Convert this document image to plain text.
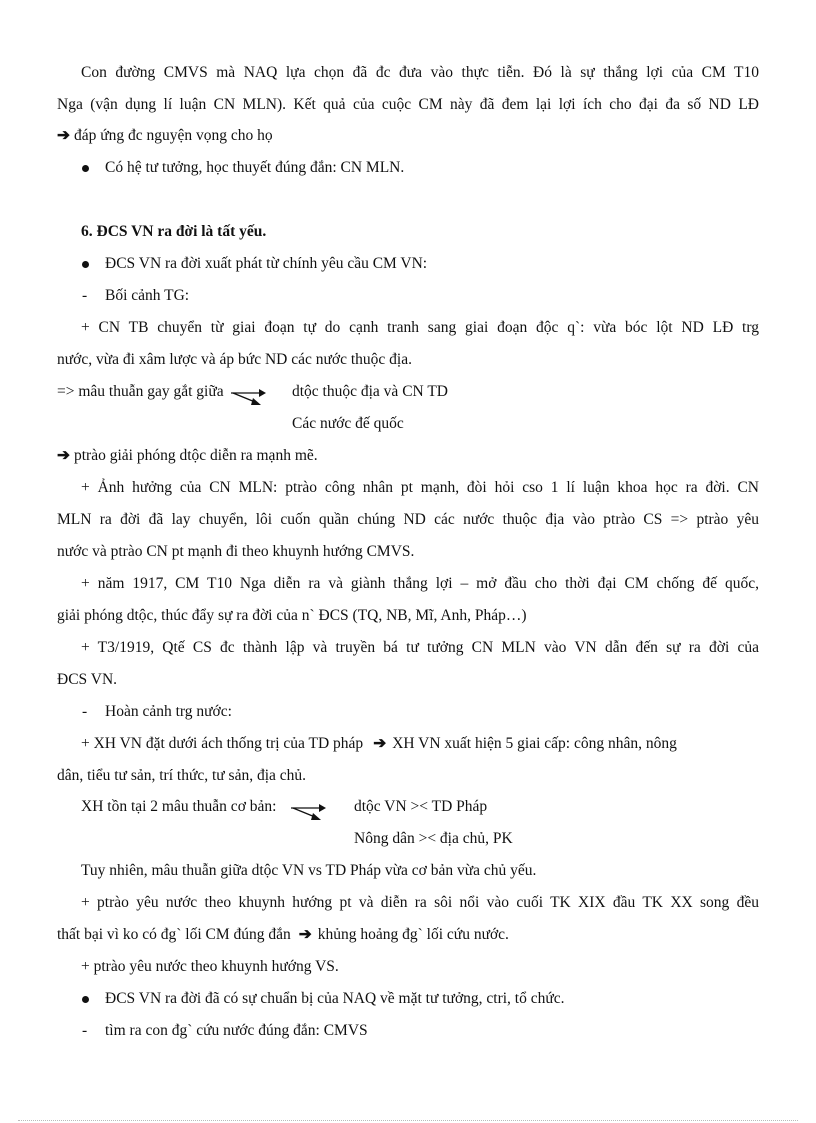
Con đường CMVS mà NAQ lựa chọn đã đc đưa vào thực tiễn. Đó là sự thắng lợi của CM T10
Nga (vận dụng lí luận CN MLN). Kết quả của cuộc CM này đã đem lại lợi ích cho đại đa số ND LĐ
➔ đáp ứng đc nguyện vọng cho họ
Có hệ tư tưởng, học thuyết đúng đắn: CN MLN.
6. ĐCS VN ra đời là tất yếu.
ĐCS VN ra đời xuất phát từ chính yêu cầu CM VN:
- Bối cảnh TG:
+ CN TB chuyển từ giai đoạn tự do cạnh tranh sang giai đoạn độc q`: vừa bóc lột ND LĐ trg
nước, vừa đi xâm lược và áp bức ND các nước thuộc địa.
=> mâu thuẫn gay gắt giữa	dtộc thuộc địa và CN TD
Các nước đế quốc
➔ ptrào giải phóng dtộc diễn ra mạnh mẽ.
+ Ảnh hưởng của CN MLN: ptrào công nhân pt mạnh, đòi hỏi cso 1 lí luận khoa học ra đời. CN
MLN ra đời đã lay chuyển, lôi cuốn quần chúng ND các nước thuộc địa vào ptrào CS => ptrào yêu
nước và ptrào CN pt mạnh đi theo khuynh hướng CMVS.
+ năm 1917, CM T10 Nga diễn ra và giành thắng lợi – mở đầu cho thời đại CM chống đế quốc,
giải phóng dtộc, thúc đẩy sự ra đời của n` ĐCS (TQ, NB, Mĩ, Anh, Pháp…)
+ T3/1919, Qtế CS đc thành lập và truyền bá tư tưởng CN MLN vào VN dẫn đến sự ra đời của
ĐCS VN.
- Hoàn cảnh trg nước:
+ XH VN đặt dưới ách thống trị của TD pháp ➔ XH VN xuất hiện 5 giai cấp: công nhân, nông
dân, tiểu tư sản, trí thức, tư sản, địa chủ.
XH tồn tại 2 mâu thuẫn cơ bản:	dtộc VN >< TD Pháp
Nông dân >< địa chủ, PK
Tuy nhiên, mâu thuẫn giữa dtộc VN vs TD Pháp vừa cơ bản vừa chủ yếu.
+ ptrào yêu nước theo khuynh hướng pt và diễn ra sôi nổi vào cuối TK XIX đầu TK XX song đều
thất bại vì ko có đg` lối CM đúng đắn ➔ khủng hoảng đg` lối cứu nước.
+ ptrào yêu nước theo khuynh hướng VS.
ĐCS VN ra đời đã có sự chuẩn bị của NAQ về mặt tư tưởng, ctri, tổ chức.
- tìm ra con đg` cứu nước đúng đắn: CMVS
